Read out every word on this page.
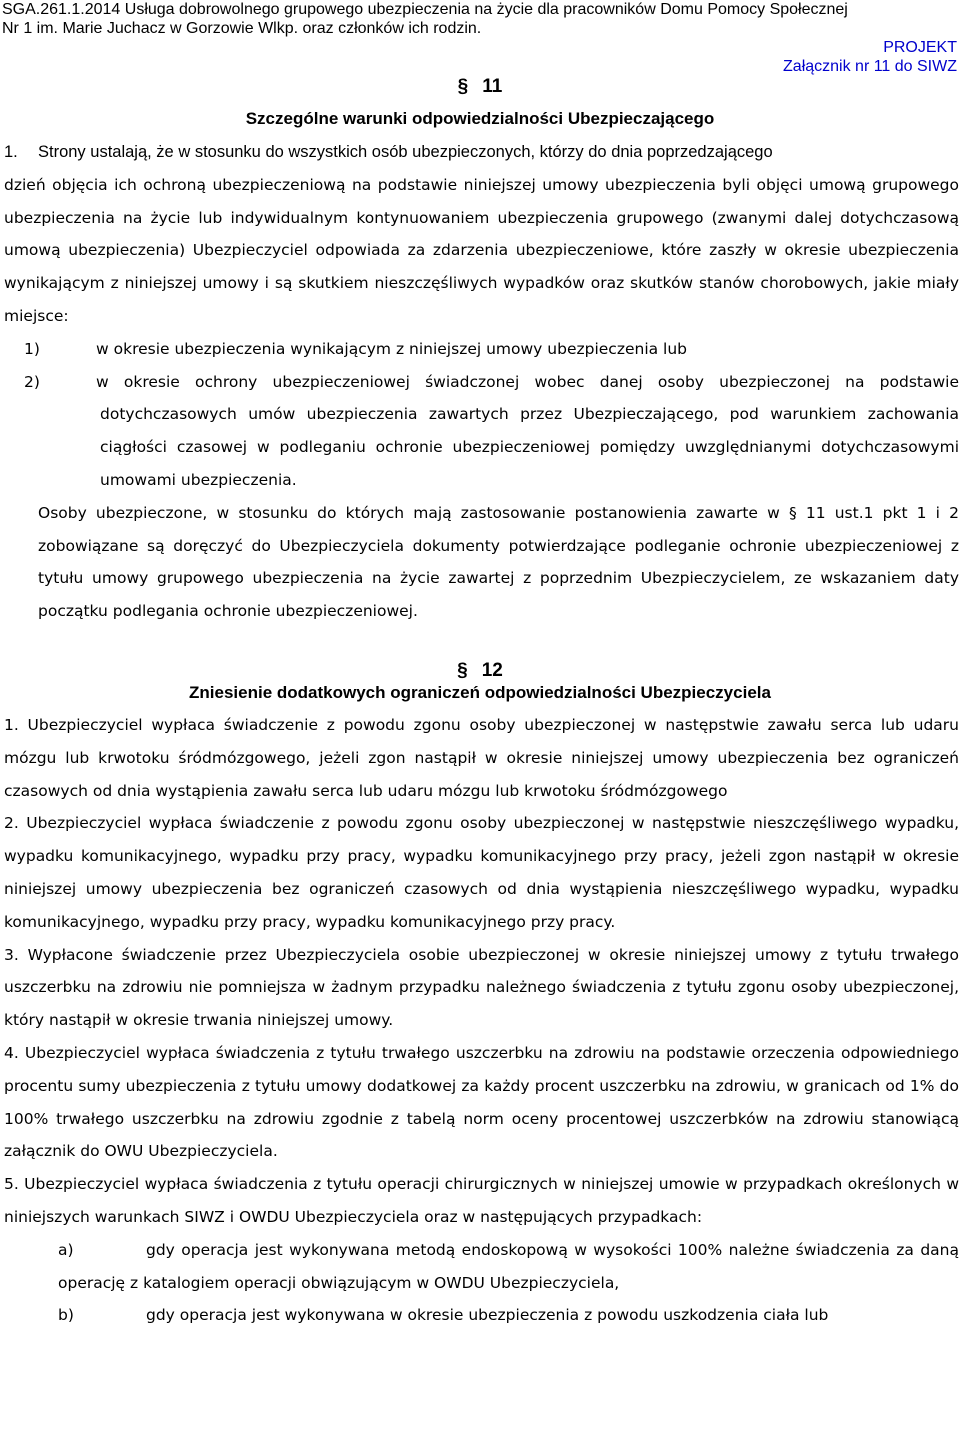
SGA.261.1.2014 Usługa dobrowolnego grupowego ubezpieczenia na życie dla pracowników Domu Pomocy Społecznej
Nr 1 im. Marie Juchacz w Gorzowie Wlkp. oraz członków ich rodzin.
PROJEKT
Załącznik nr 11 do SIWZ
§ 11
Szczególne warunki odpowiedzialności Ubezpieczającego

1. Strony ustalają, że w stosunku do wszystkich osób ubezpieczonych, którzy do dnia poprzedzającego

dzień objęcia ich ochroną ubezpieczeniową na podstawie niniejszej umowy ubezpieczenia byli objęci umową grupowego ubezpieczenia na życie lub indywidualnym kontynuowaniem ubezpieczenia grupowego (zwanymi dalej dotychczasową umową ubezpieczenia) Ubezpieczyciel odpowiada za zdarzenia ubezpieczeniowe, które zaszły w okresie ubezpieczenia wynikającym z niniejszej umowy i są skutkiem nieszczęśliwych wypadków oraz skutków stanów chorobowych, jakie miały miejsce:

1)	w okresie ubezpieczenia wynikającym z niniejszej umowy ubezpieczenia lub

2)	w okresie ochrony ubezpieczeniowej świadczonej wobec danej osoby ubezpieczonej na podstawie dotychczasowych umów ubezpieczenia zawartych przez Ubezpieczającego, pod warunkiem zachowania ciągłości czasowej w podleganiu ochronie ubezpieczeniowej pomiędzy uwzględnianymi dotychczasowymi umowami ubezpieczenia.

Osoby ubezpieczone, w stosunku do których mają zastosowanie postanowienia zawarte w § 11 ust.1 pkt 1 i 2 zobowiązane są doręczyć do Ubezpieczyciela dokumenty potwierdzające podleganie ochronie ubezpieczeniowej z tytułu umowy grupowego ubezpieczenia na życie zawartej z poprzednim Ubezpieczycielem, ze wskazaniem daty początku podlegania ochronie ubezpieczeniowej.

§ 12
Zniesienie dodatkowych ograniczeń odpowiedzialności Ubezpieczyciela

1. Ubezpieczyciel wypłaca świadczenie z powodu zgonu osoby ubezpieczonej w następstwie zawału serca lub udaru mózgu lub krwotoku śródmózgowego, jeżeli zgon nastąpił w okresie niniejszej umowy ubezpieczenia bez ograniczeń czasowych od dnia wystąpienia zawału serca lub udaru mózgu lub krwotoku śródmózgowego

2. Ubezpieczyciel wypłaca świadczenie z powodu zgonu osoby ubezpieczonej w następstwie nieszczęśliwego wypadku, wypadku komunikacyjnego, wypadku przy pracy, wypadku komunikacyjnego przy pracy, jeżeli zgon nastąpił w okresie niniejszej umowy ubezpieczenia bez ograniczeń czasowych od dnia wystąpienia nieszczęśliwego wypadku, wypadku komunikacyjnego, wypadku przy pracy, wypadku komunikacyjnego przy pracy.

3. Wypłacone świadczenie przez Ubezpieczyciela osobie ubezpieczonej w okresie niniejszej umowy z tytułu trwałego uszczerbku na zdrowiu nie pomniejsza w żadnym przypadku należnego świadczenia z tytułu zgonu osoby ubezpieczonej, który nastąpił w okresie trwania niniejszej umowy.

4. Ubezpieczyciel wypłaca świadczenia z tytułu trwałego uszczerbku na zdrowiu na podstawie orzeczenia odpowiedniego procentu sumy ubezpieczenia z tytułu umowy dodatkowej za każdy procent uszczerbku na zdrowiu, w granicach od 1% do 100% trwałego uszczerbku na zdrowiu zgodnie z tabelą norm oceny procentowej uszczerbków na zdrowiu stanowiącą załącznik do OWU Ubezpieczyciela.

5. Ubezpieczyciel wypłaca świadczenia z tytułu operacji chirurgicznych w niniejszej umowie w przypadkach określonych w niniejszych warunkach SIWZ i OWDU Ubezpieczyciela oraz w następujących przypadkach:

a)	gdy operacja jest wykonywana metodą endoskopową w wysokości 100% należne świadczenia za daną operację z katalogiem operacji obwiązującym w OWDU Ubezpieczyciela,

b)	gdy operacja jest wykonywana w okresie ubezpieczenia z powodu uszkodzenia ciała lub
